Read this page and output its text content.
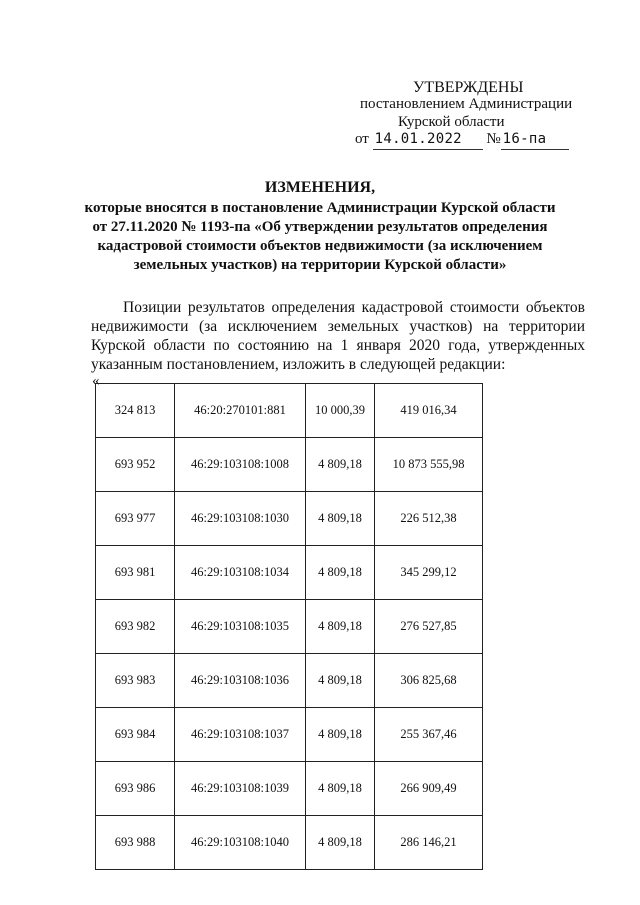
УТВЕРЖДЕНЫ
постановлением Администрации
Курской области
от 14.01.2022 № 16-па
ИЗМЕНЕНИЯ,
которые вносятся в постановление Администрации Курской области
от 27.11.2020 № 1193-па «Об утверждении результатов определения
кадастровой стоимости объектов недвижимости (за исключением
земельных участков) на территории Курской области»
Позиции результатов определения кадастровой стоимости объектов недвижимости (за исключением земельных участков) на территории Курской области по состоянию на 1 января 2020 года, утвержденных указанным постановлением, изложить в следующей редакции:
«
324 813	46:20:270101:881	10 000,39	419 016,34
693 952	46:29:103108:1008	4 809,18	10 873 555,98
693 977	46:29:103108:1030	4 809,18	226 512,38
693 981	46:29:103108:1034	4 809,18	345 299,12
693 982	46:29:103108:1035	4 809,18	276 527,85
693 983	46:29:103108:1036	4 809,18	306 825,68
693 984	46:29:103108:1037	4 809,18	255 367,46
693 986	46:29:103108:1039	4 809,18	266 909,49
693 988	46:29:103108:1040	4 809,18	286 146,21
